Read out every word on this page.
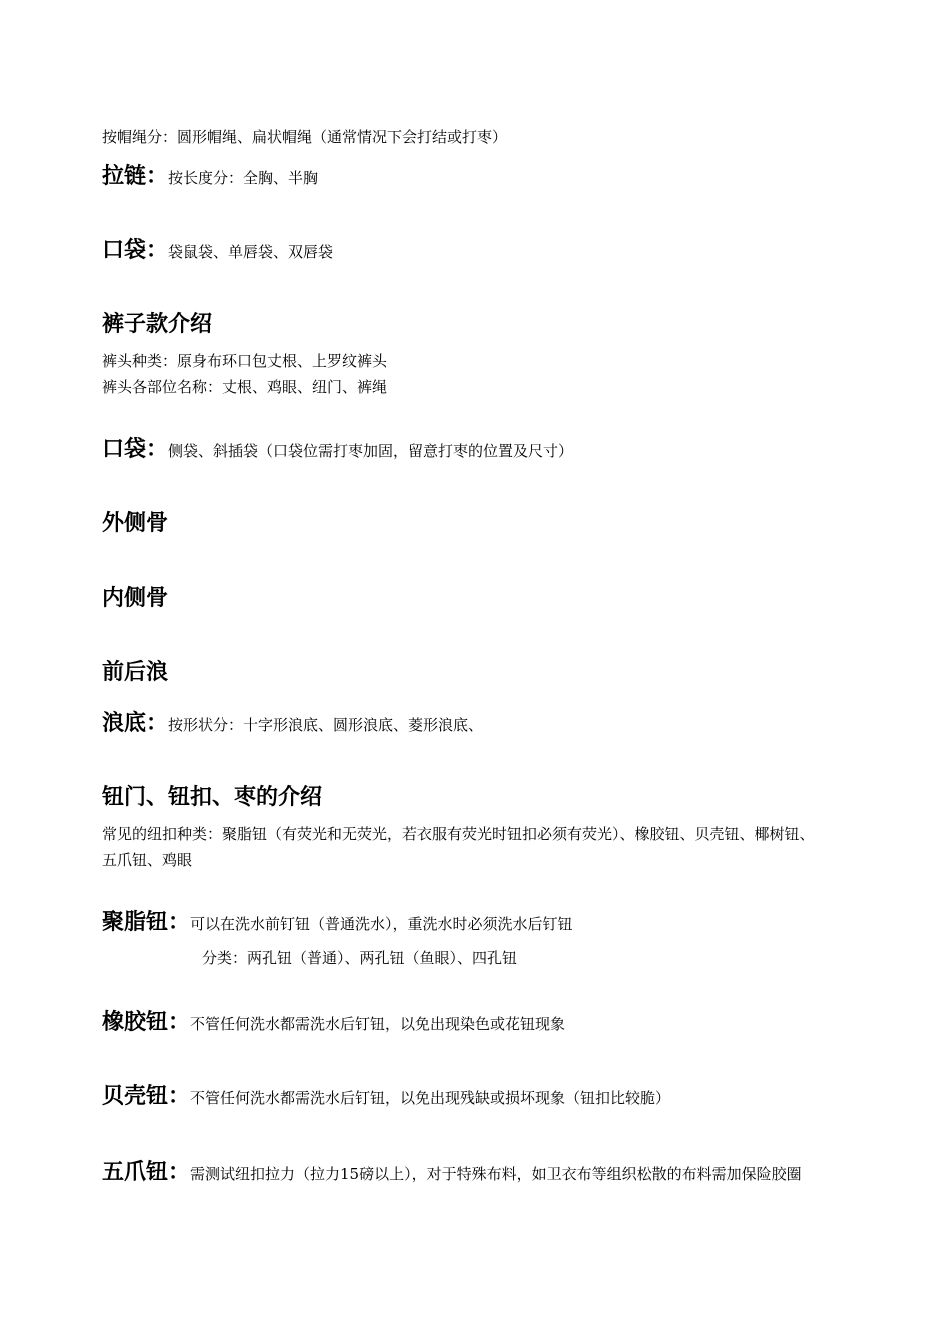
按帽绳分：圆形帽绳、扁状帽绳（通常情况下会打结或打枣）
拉链：按长度分：全胸、半胸
口袋：袋鼠袋、单唇袋、双唇袋
裤子款介绍
裤头种类：原身布环口包丈根、上罗纹裤头
裤头各部位名称：丈根、鸡眼、纽门、裤绳
口袋：侧袋、斜插袋（口袋位需打枣加固，留意打枣的位置及尺寸）
外侧骨
内侧骨
前后浪
浪底：按形状分：十字形浪底、圆形浪底、菱形浪底、
钮门、钮扣、枣的介绍
常见的纽扣种类：聚脂钮（有荧光和无荧光，若衣服有荧光时钮扣必须有荧光）、橡胶钮、贝壳钮、椰树钮、五爪钮、鸡眼
聚脂钮：可以在洗水前钉钮（普通洗水），重洗水时必须洗水后钉钮
分类：两孔钮（普通）、两孔钮（鱼眼）、四孔钮
橡胶钮：不管任何洗水都需洗水后钉钮，以免出现染色或花钮现象
贝壳钮：不管任何洗水都需洗水后钉钮，以免出现残缺或损坏现象（钮扣比较脆）
五爪钮：需测试纽扣拉力（拉力15磅以上），对于特殊布料，如卫衣布等组织松散的布料需加保险胶圈
